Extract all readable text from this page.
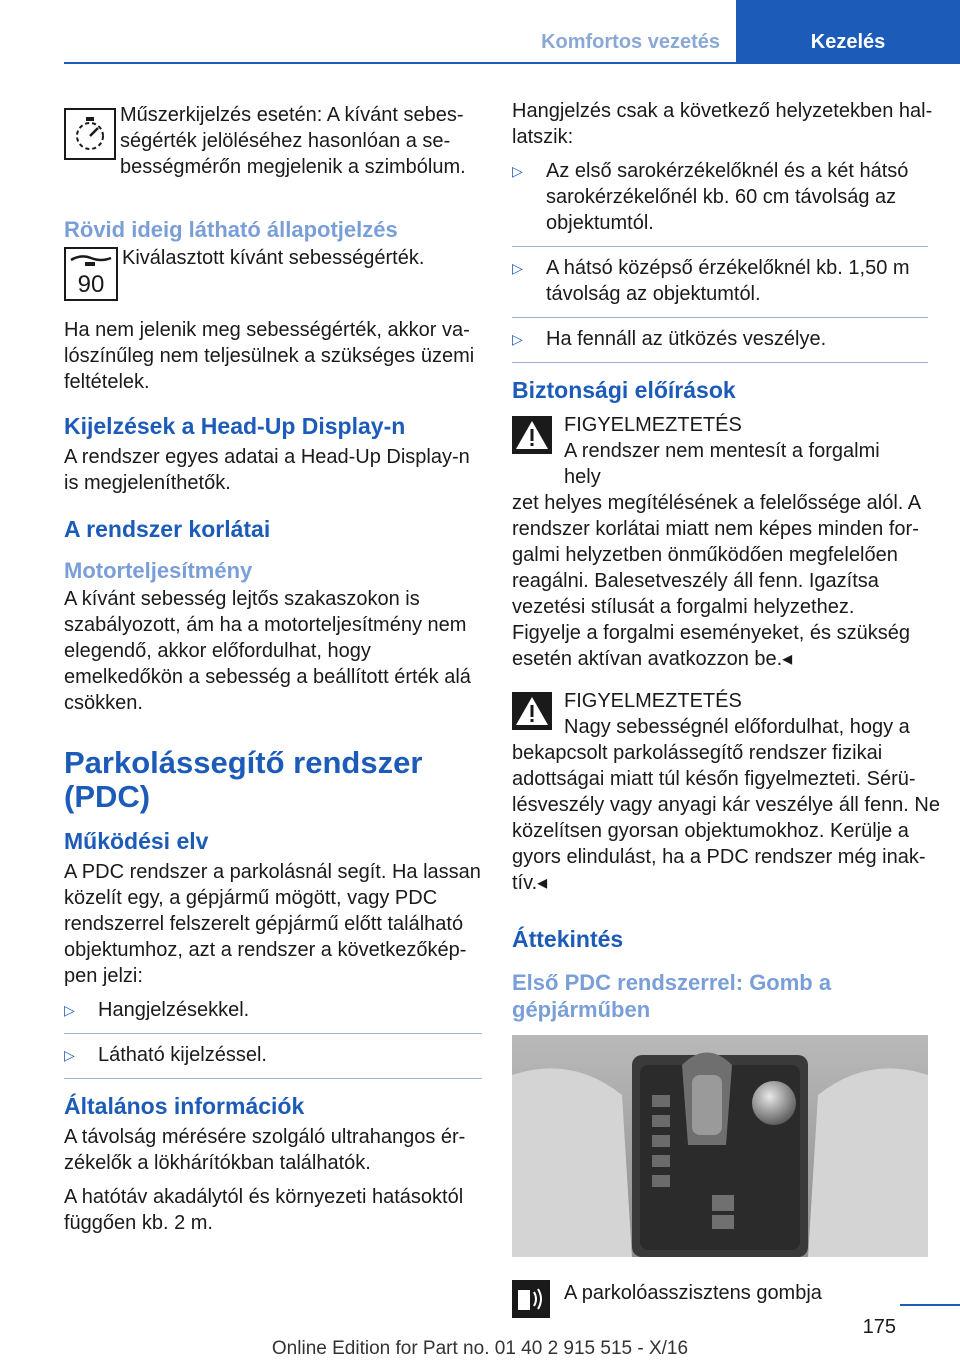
Komfortos vezetés	Kezelés

Műszerkijelzés esetén: A kívánt sebességérték jelöléséhez hasonlóan a sebességmérőn megjelenik a szimbólum.

Rövid ideig látható állapotjelzés
90

Kiválasztott kívánt sebességérték.

Ha nem jelenik meg sebességérték, akkor valószínűleg nem teljesülnek a szükséges üzemi feltételek.

Kijelzések a Head-Up Display-n

A rendszer egyes adatai a Head-Up Display-n is megjeleníthetők.

A rendszer korlátai
Motorteljesítmény

A kívánt sebesség lejtős szakaszokon is szabályozott, ám ha a motorteljesítmény nem elegendő, akkor előfordulhat, hogy emelkedőkön a sebesség a beállított érték alá csökken.

Parkolássegítő rendszer (PDC)
Működési elv

A PDC rendszer a parkolásnál segít. Ha lassan közelít egy, a gépjármű mögött, vagy PDC rendszerrel felszerelt gépjármű előtt található objektumhoz, azt a rendszer a következőképpen jelzi:

▷	Hangjelzésekkel.
▷	Látható kijelzéssel.
Általános információk

A távolság mérésére szolgáló ultrahangos érzékelők a lökhárítókban találhatók.

A hatótáv akadálytól és környezeti hatásoktól függően kb. 2 m.

Hangjelzés csak a következő helyzetekben hallatszik:

▷	Az első sarokérzékelőknél és a két hátsó sarokérzékelőnél kb. 60 cm távolság az objektumtól.
▷	A hátsó középső érzékelőknél kb. 1,50 m távolság az objektumtól.
▷	Ha fennáll az ütközés veszélye.
Biztonsági előírások

FIGYELMEZTETÉS

A rendszer nem mentesít a forgalmi hely

zet helyes megítélésének a felelőssége alól. A rendszer korlátai miatt nem képes minden forgalmi helyzetben önműködően megfelelően reagálni. Balesetveszély áll fenn. Igazítsa vezetési stílusát a forgalmi helyzethez. Figyelje a forgalmi eseményeket, és szükség esetén aktívan avatkozzon be.◂

FIGYELMEZTETÉS

Nagy sebességnél előfordulhat, hogy a

bekapcsolt parkolássegítő rendszer fizikai adottságai miatt túl későn figyelmezteti. Sérülésveszély vagy anyagi kár veszélye áll fenn. Ne közelítsen gyorsan objektumokhoz. Kerülje a gyors elindulást, ha a PDC rendszer még inaktív.◂

Áttekintés
Első PDC rendszerrel: Gomb a gépjárműben

A parkolóasszisztens gombja

175
Online Edition for Part no. 01 40 2 915 515 - X/16
